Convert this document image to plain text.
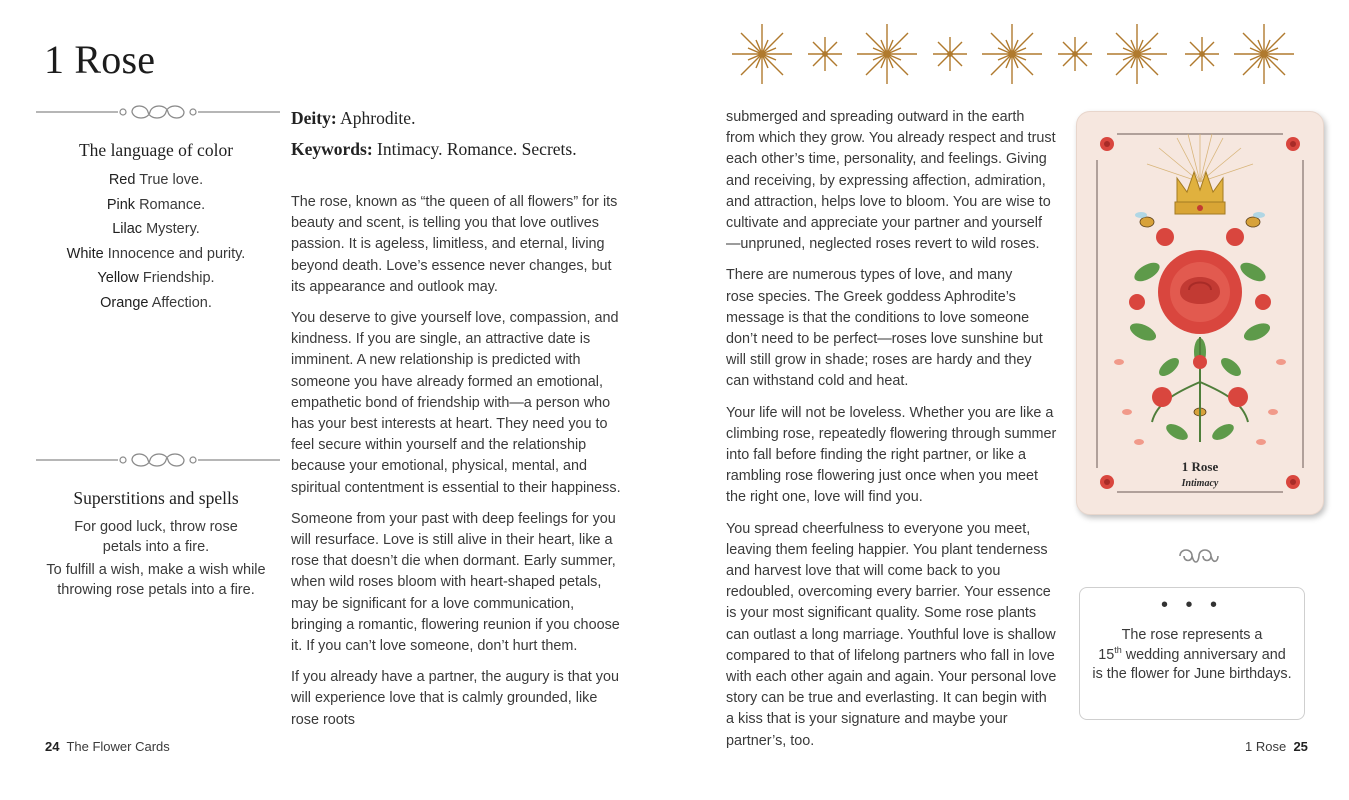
1 Rose
The language of color
Red True love.
Pink Romance.
Lilac Mystery.
White Innocence and purity.
Yellow Friendship.
Orange Affection.
Superstitions and spells

For good luck, throw rose petals into a fire.

To fulfill a wish, make a wish while throwing rose petals into a fire.

Deity: Aphrodite.
Keywords: Intimacy. Romance. Secrets.

The rose, known as “the queen of all flowers” for its beauty and scent, is telling you that love outlives passion. It is ageless, limitless, and eternal, living beyond death. Love’s essence never changes, but its appearance and outlook may.

You deserve to give yourself love, compassion, and kindness. If you are single, an attractive date is imminent. A new relationship is predicted with someone you have already formed an emotional, empathetic bond of friendship with—a person who has your best interests at heart. They need you to feel secure within yourself and the relationship because your emotional, physical, mental, and spiritual contentment is essential to their happiness.

Someone from your past with deep feelings for you will resurface. Love is still alive in their heart, like a rose that doesn’t die when dormant. Early summer, when wild roses bloom with heart-shaped petals, may be significant for a love communication, bringing a romantic, flowering reunion if you choose it. If you can’t love someone, don’t hurt them.

If you already have a partner, the augury is that you will experience love that is calmly grounded, like rose roots

submerged and spreading outward in the earth from which they grow. You already respect and trust each other’s time, personality, and feelings. Giving and receiving, by expressing affection, admiration, and attraction, helps love to bloom. You are wise to cultivate and appreciate your partner and yourself—unpruned, neglected roses revert to wild roses.

There are numerous types of love, and many rose species. The Greek goddess Aphrodite’s message is that the conditions to love someone don’t need to be perfect—roses love sunshine but will still grow in shade; roses are hardy and they can withstand cold and heat.

Your life will not be loveless. Whether you are like a climbing rose, repeatedly flowering through summer into fall before finding the right partner, or like a rambling rose flowering just once when you meet the right one, love will find you.

You spread cheerfulness to everyone you meet, leaving them feeling happier. You plant tenderness and harvest love that will come back to you redoubled, overcoming every barrier. Your essence is your most significant quality. Some rose plants can outlast a long marriage. Youthful love is shallow compared to that of lifelong partners who fall in love with each other again and again. Your personal love story can be true and everlasting. It can begin with a kiss that is your signature and maybe your partner’s, too.

1 Rose
Intimacy
• • •
The rose represents a
15th wedding anniversary and
is the flower for June birthdays.
24 The Flower Cards	1 Rose 25
